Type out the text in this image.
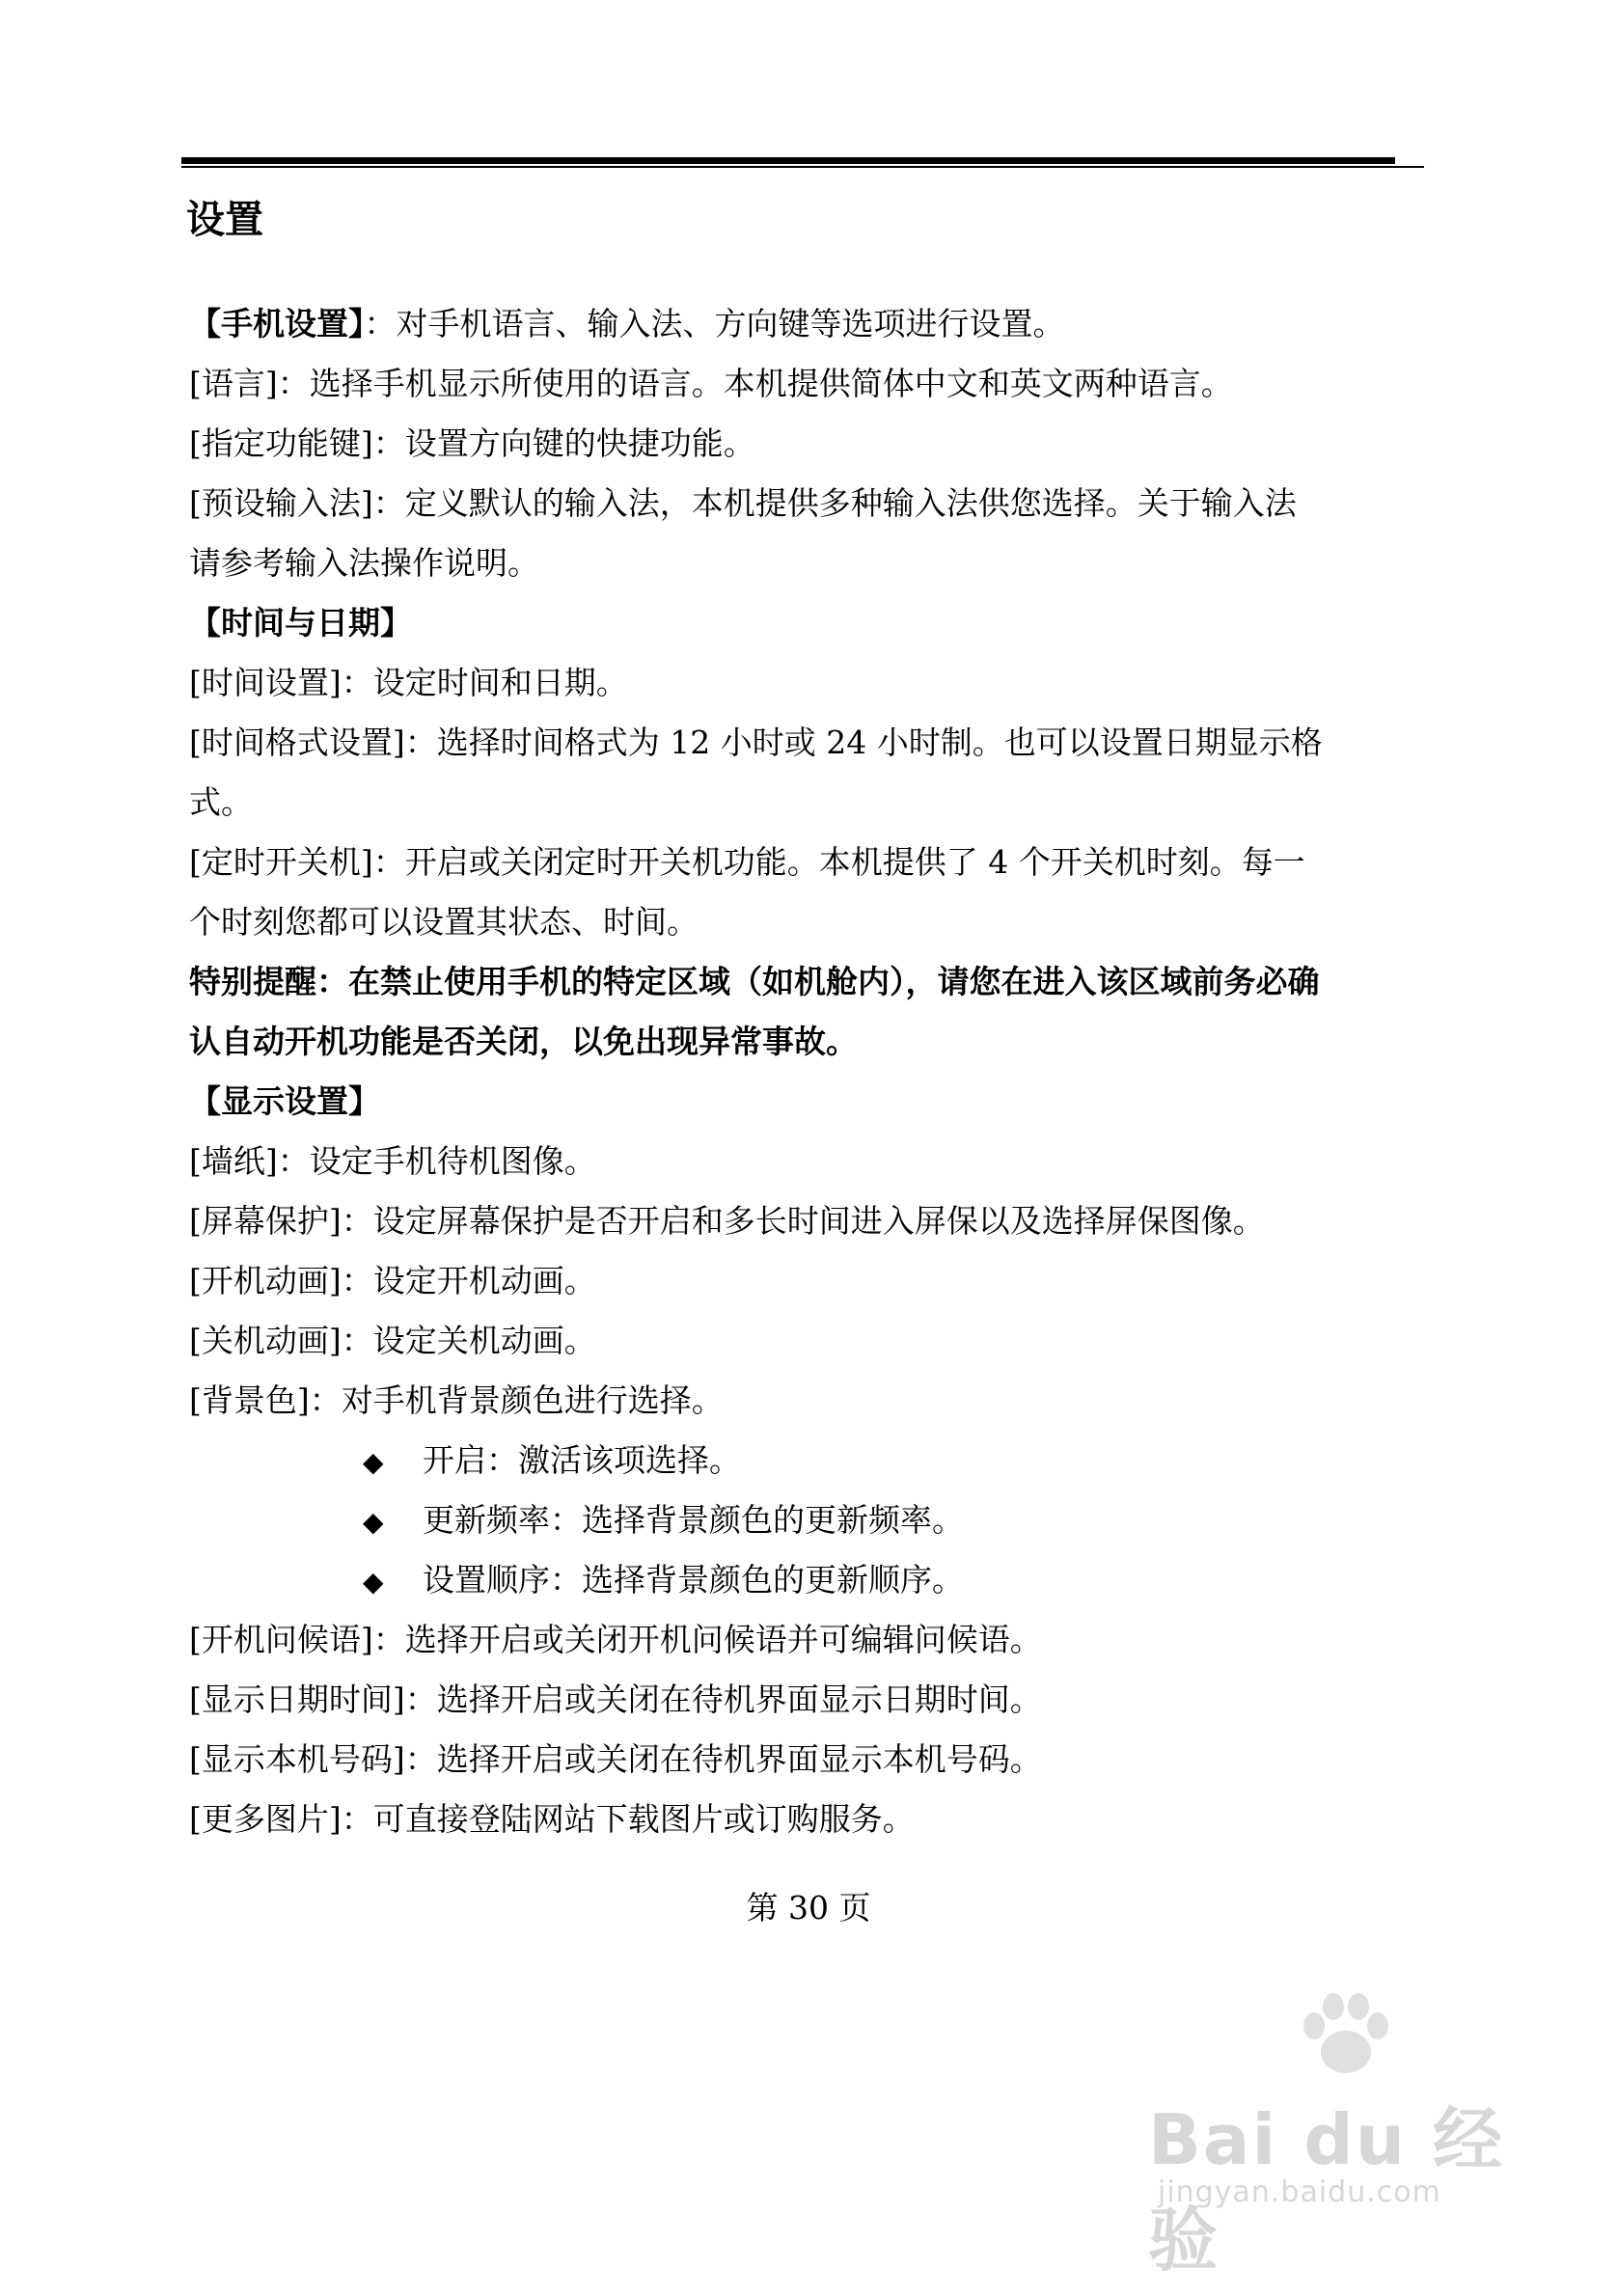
设置
【手机设置】：对手机语言、输入法、方向键等选项进行设置。
[语言]：选择手机显示所使用的语言。本机提供简体中文和英文两种语言。
[指定功能键]：设置方向键的快捷功能。
[预设输入法]：定义默认的输入法，本机提供多种输入法供您选择。关于输入法
请参考输入法操作说明。
【时间与日期】
[时间设置]：设定时间和日期。
[时间格式设置]：选择时间格式为 12 小时或 24 小时制。也可以设置日期显示格
式。
[定时开关机]：开启或关闭定时开关机功能。本机提供了 4 个开关机时刻。每一
个时刻您都可以设置其状态、时间。
特别提醒：在禁止使用手机的特定区域（如机舱内），请您在进入该区域前务必确
认自动开机功能是否关闭，以免出现异常事故。
【显示设置】
[墙纸]：设定手机待机图像。
[屏幕保护]：设定屏幕保护是否开启和多长时间进入屏保以及选择屏保图像。
[开机动画]：设定开机动画。
[关机动画]：设定关机动画。
[背景色]：对手机背景颜色进行选择。
◆ 开启：激活该项选择。
◆ 更新频率：选择背景颜色的更新频率。
◆ 设置顺序：选择背景颜色的更新顺序。
[开机问候语]：选择开启或关闭开机问候语并可编辑问候语。
[显示日期时间]：选择开启或关闭在待机界面显示日期时间。
[显示本机号码]：选择开启或关闭在待机界面显示本机号码。
[更多图片]：可直接登陆网站下载图片或订购服务。
第 30 页
Bai du 经验
jingyan.baidu.com
